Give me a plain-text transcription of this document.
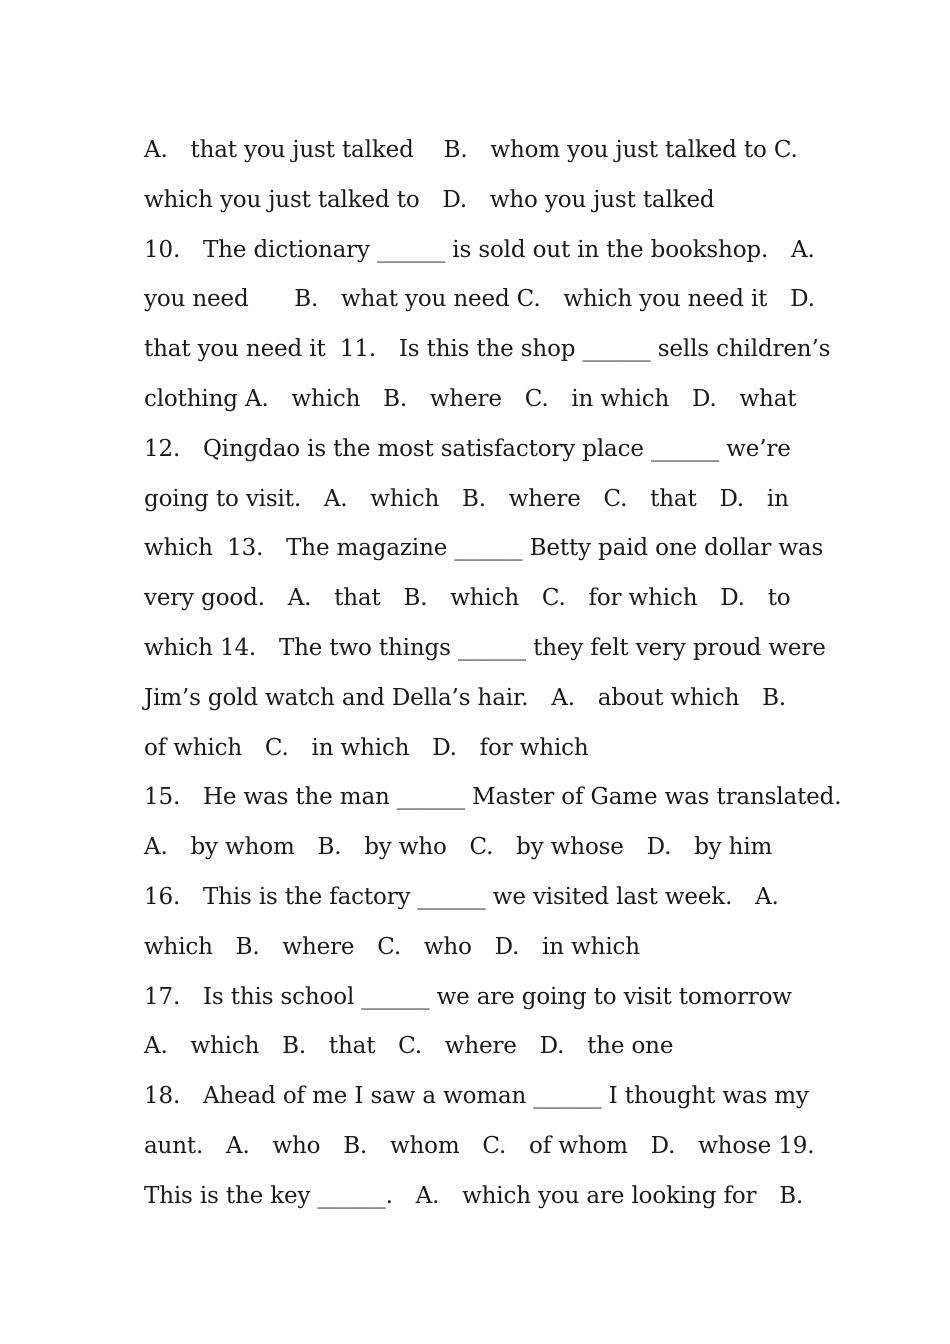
A.　that you just talked　 B.　whom you just talked to C.
which you just talked to　D.　who you just talked
10.　The dictionary ______ is sold out in the bookshop.　A.
you need　　B.　what you need C.　which you need it　D.
that you need it  11.　Is this the shop ______ sells children’s
clothing A.　which　B.　where　C.　in which　D.　what
12.　Qingdao is the most satisfactory place ______ we’re
going to visit.　A.　which　B.　where　C.　that　D.　in
which  13.　The magazine ______ Betty paid one dollar was
very good.　A.　that　B.　which　C.　for which　D.　to
which 14.　The two things ______ they felt very proud were
Jim’s gold watch and Della’s hair.　A.　about which　B.
of which　C.　in which　D.　for which
15.　He was the man ______ Master of Game was translated.
A.　by whom　B.　by who　C.　by whose　D.　by him
16.　This is the factory ______ we visited last week.　A.
which　B.　where　C.　who　D.　in which
17.　Is this school ______ we are going to visit tomorrow
A.　which　B.　that　C.　where　D.　the one
18.　Ahead of me I saw a woman ______ I thought was my
aunt.　A.　who　B.　whom　C.　of whom　D.　whose 19.
This is the key ______.　A.　which you are looking for　B.
